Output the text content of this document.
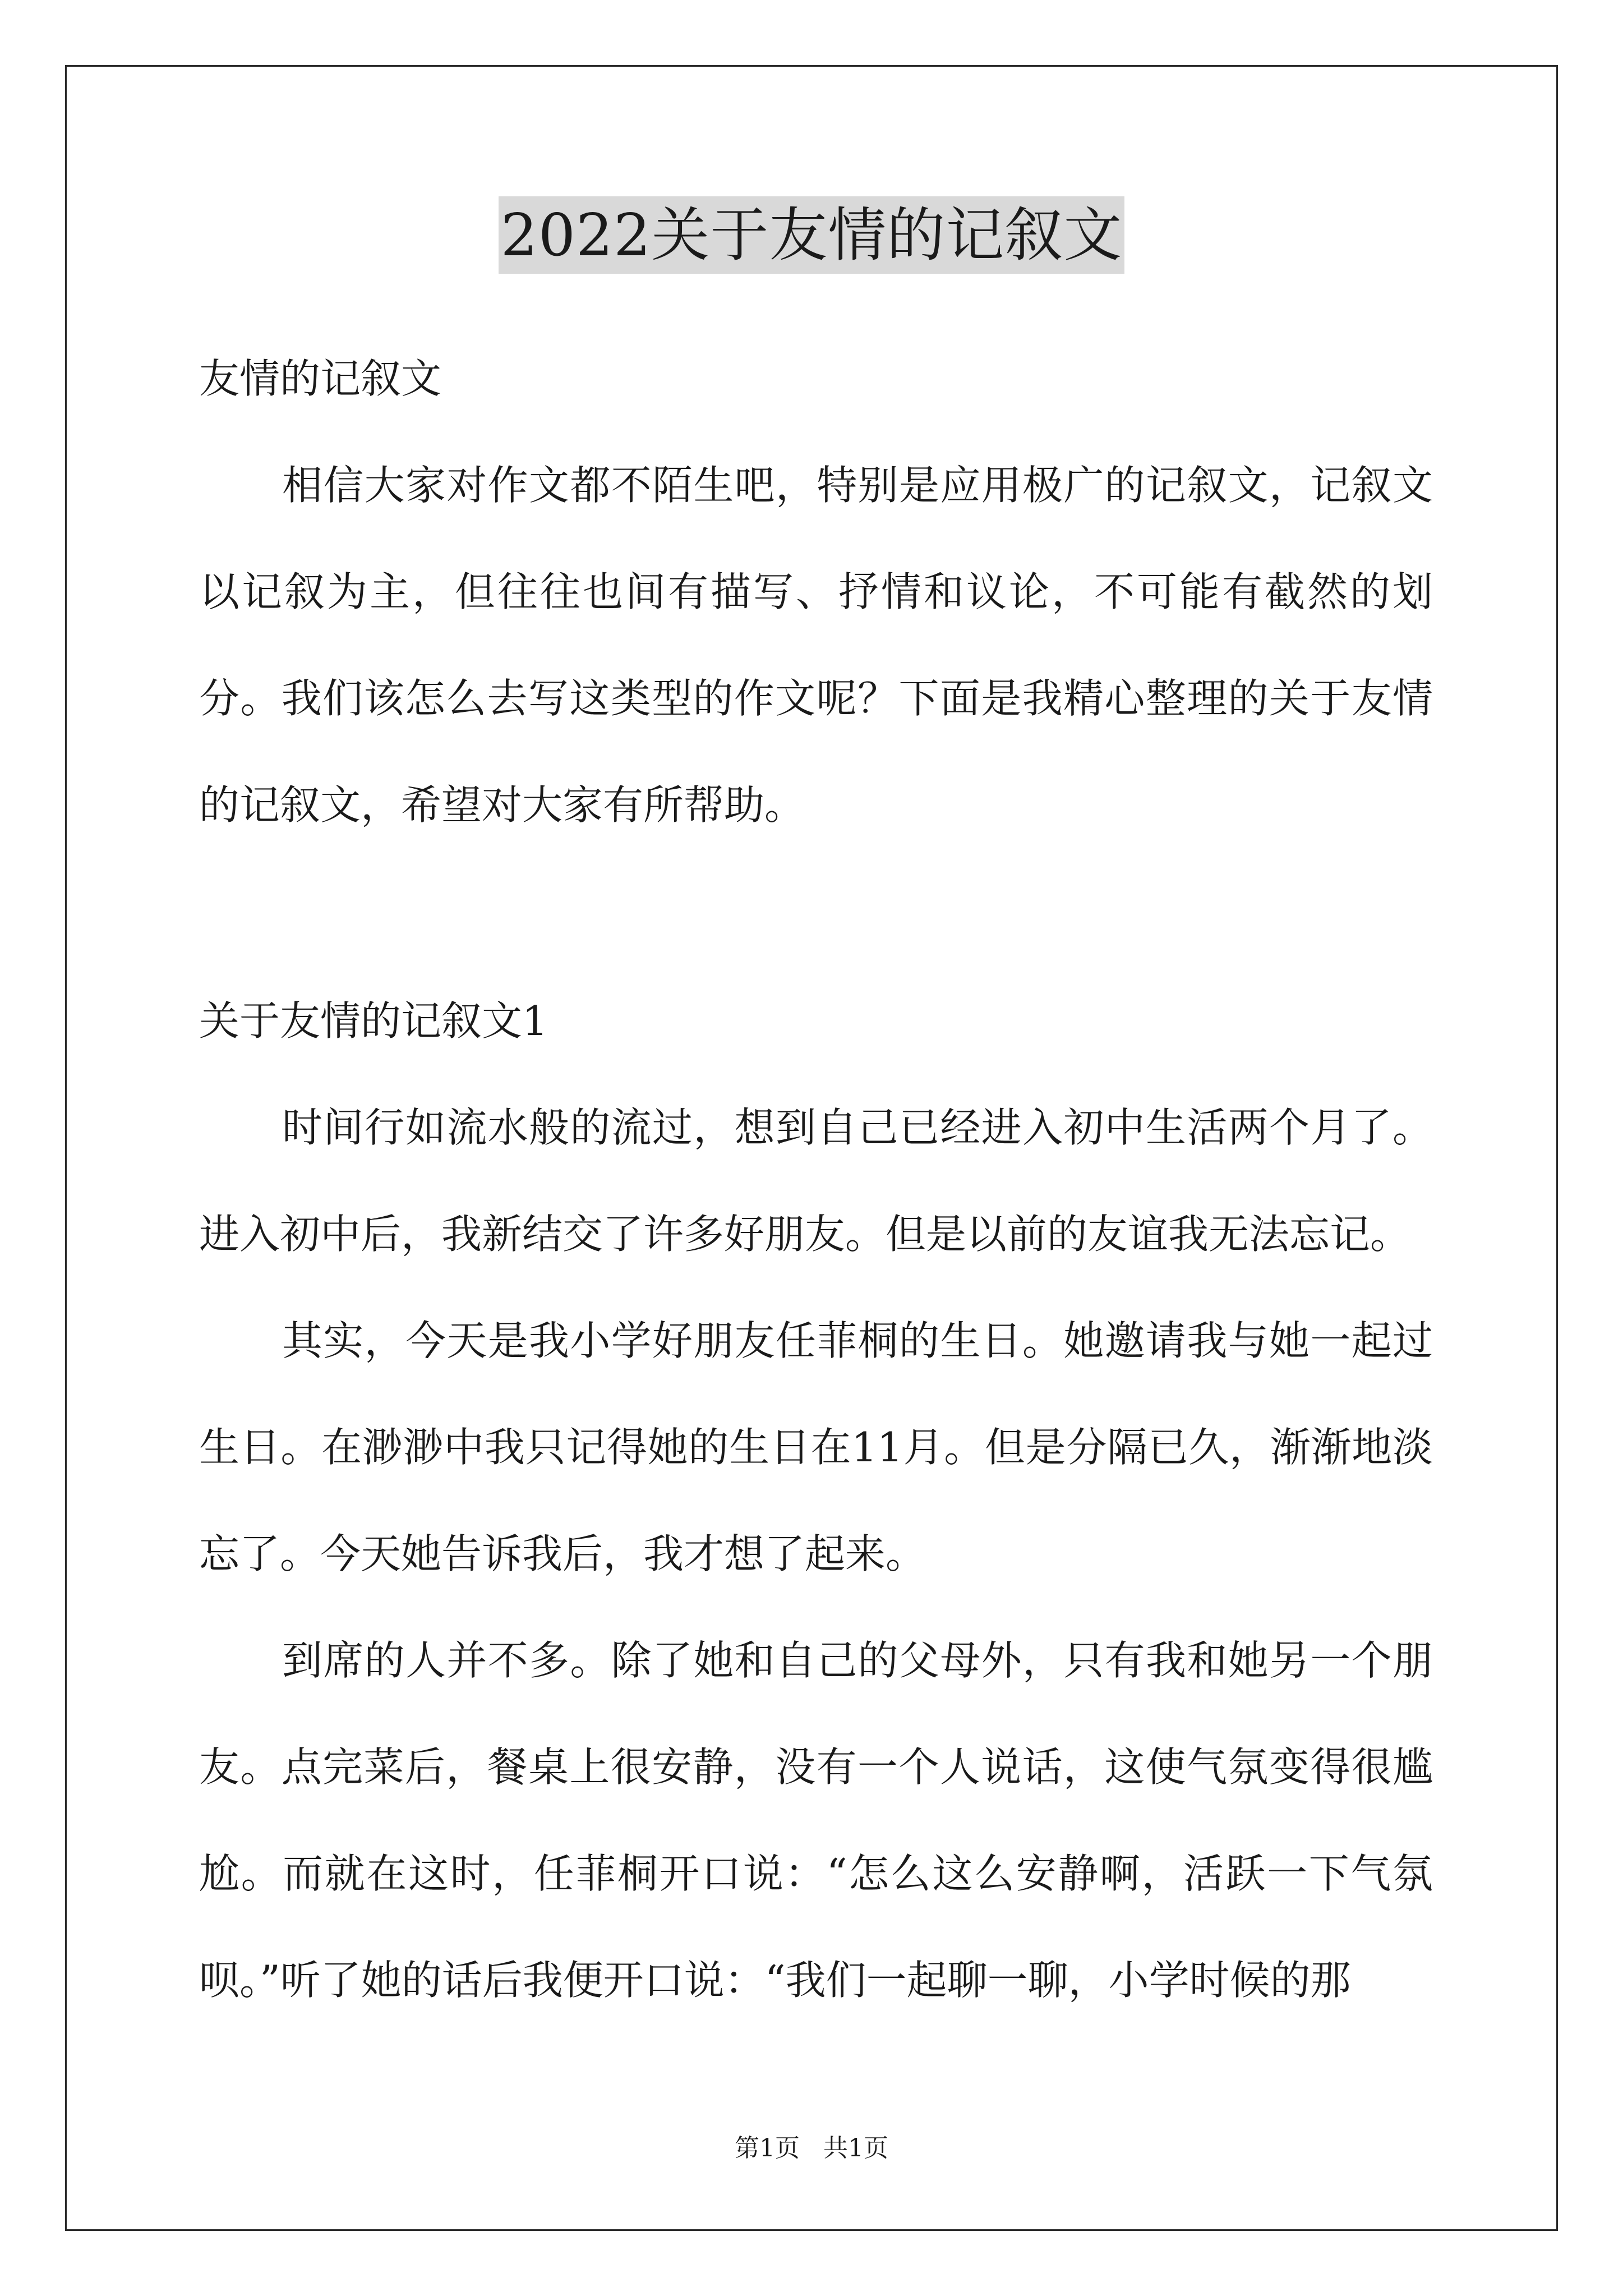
2022关于友情的记叙文
友情的记叙文

相信大家对作文都不陌生吧，特别是应用极广的记叙文，记叙文以记叙为主，但往往也间有描写、抒情和议论，不可能有截然的划分。我们该怎么去写这类型的作文呢？下面是我精心整理的关于友情的记叙文，希望对大家有所帮助。

关于友情的记叙文1

时间行如流水般的流过，想到自己已经进入初中生活两个月了。进入初中后，我新结交了许多好朋友。但是以前的友谊我无法忘记。

其实，今天是我小学好朋友任菲桐的生日。她邀请我与她一起过生日。在渺渺中我只记得她的生日在11月。但是分隔已久，渐渐地淡忘了。今天她告诉我后，我才想了起来。

到席的人并不多。除了她和自己的父母外，只有我和她另一个朋友。点完菜后，餐桌上很安静，没有一个人说话，这使气氛变得很尴尬。而就在这时，任菲桐开口说：“怎么这么安静啊，活跃一下气氛呗。”听了她的话后我便开口说：“我们一起聊一聊，小学时候的那

第1页   共1页
